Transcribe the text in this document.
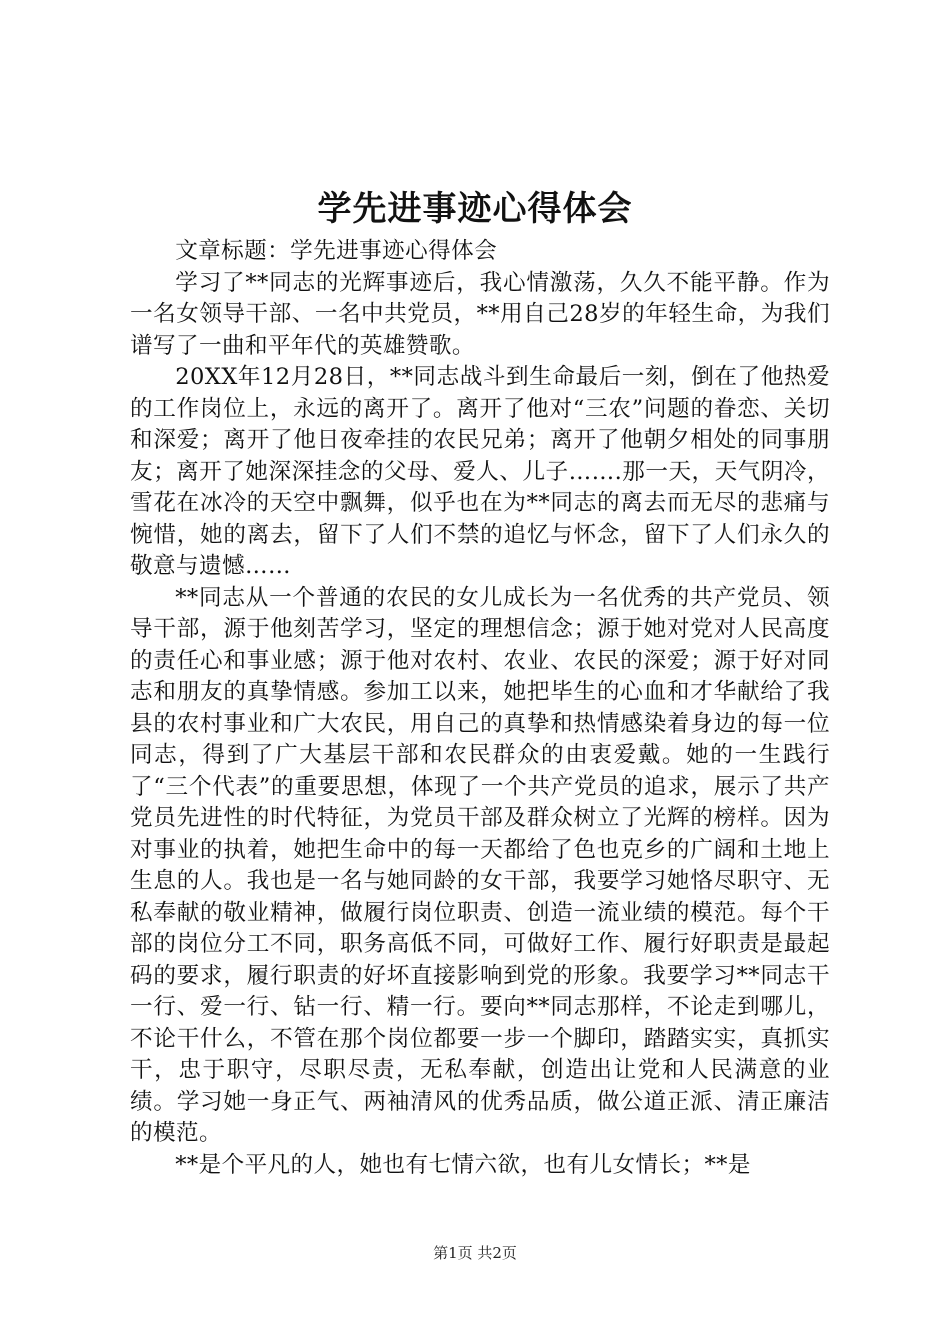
学先进事迹心得体会

文章标题：学先进事迹心得体会

学习了**同志的光辉事迹后，我心情激荡，久久不能平静。作为一名女领导干部、一名中共党员，**用自己28岁的年轻生命，为我们谱写了一曲和平年代的英雄赞歌。

20XX年12月28日，**同志战斗到生命最后一刻，倒在了他热爱的工作岗位上，永远的离开了。离开了他对“三农”问题的眷恋、关切和深爱；离开了他日夜牵挂的农民兄弟；离开了他朝夕相处的同事朋友；离开了她深深挂念的父母、爱人、儿子…….那一天，天气阴冷，雪花在冰冷的天空中飘舞，似乎也在为**同志的离去而无尽的悲痛与惋惜，她的离去，留下了人们不禁的追忆与怀念，留下了人们永久的敬意与遗憾……

**同志从一个普通的农民的女儿成长为一名优秀的共产党员、领导干部，源于他刻苦学习，坚定的理想信念；源于她对党对人民高度的责任心和事业感；源于他对农村、农业、农民的深爱；源于好对同志和朋友的真挚情感。参加工以来，她把毕生的心血和才华献给了我县的农村事业和广大农民，用自己的真挚和热情感染着身边的每一位同志，得到了广大基层干部和农民群众的由衷爱戴。她的一生践行了“三个代表”的重要思想，体现了一个共产党员的追求，展示了共产党员先进性的时代特征，为党员干部及群众树立了光辉的榜样。因为对事业的执着，她把生命中的每一天都给了色也克乡的广阔和土地上生息的人。我也是一名与她同龄的女干部，我要学习她恪尽职守、无私奉献的敬业精神，做履行岗位职责、创造一流业绩的模范。每个干部的岗位分工不同，职务高低不同，可做好工作、履行好职责是最起码的要求，履行职责的好坏直接影响到党的形象。我要学习**同志干一行、爱一行、钻一行、精一行。要向**同志那样，不论走到哪儿，不论干什么，不管在那个岗位都要一步一个脚印，踏踏实实，真抓实干，忠于职守，尽职尽责，无私奉献，创造出让党和人民满意的业绩。学习她一身正气、两袖清风的优秀品质，做公道正派、清正廉洁的模范。

**是个平凡的人，她也有七情六欲，也有儿女情长；**是

第1页 共2页
